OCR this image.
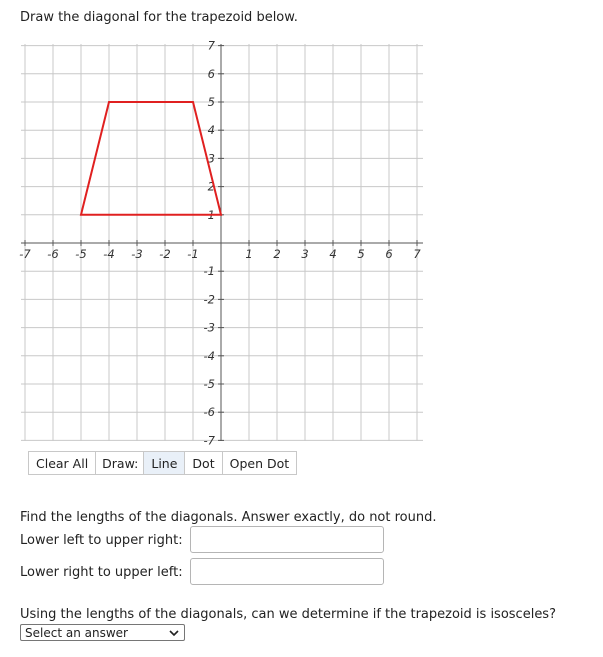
Draw the diagonal for the trapezoid below.
-7 -6 -5 -4 -3 -2 -1	1 2 3 4 5 6 7
7
6
5
4
3
2
1
-1
-2
-3
-4
-5
-6
-7
Clear All	Draw:	Line	Dot	Open Dot
Find the lengths of the diagonals. Answer exactly, do not round.
Lower left to upper right:
Lower right to upper left:
Using the lengths of the diagonals, can we determine if the trapezoid is isosceles?
Select an answer
